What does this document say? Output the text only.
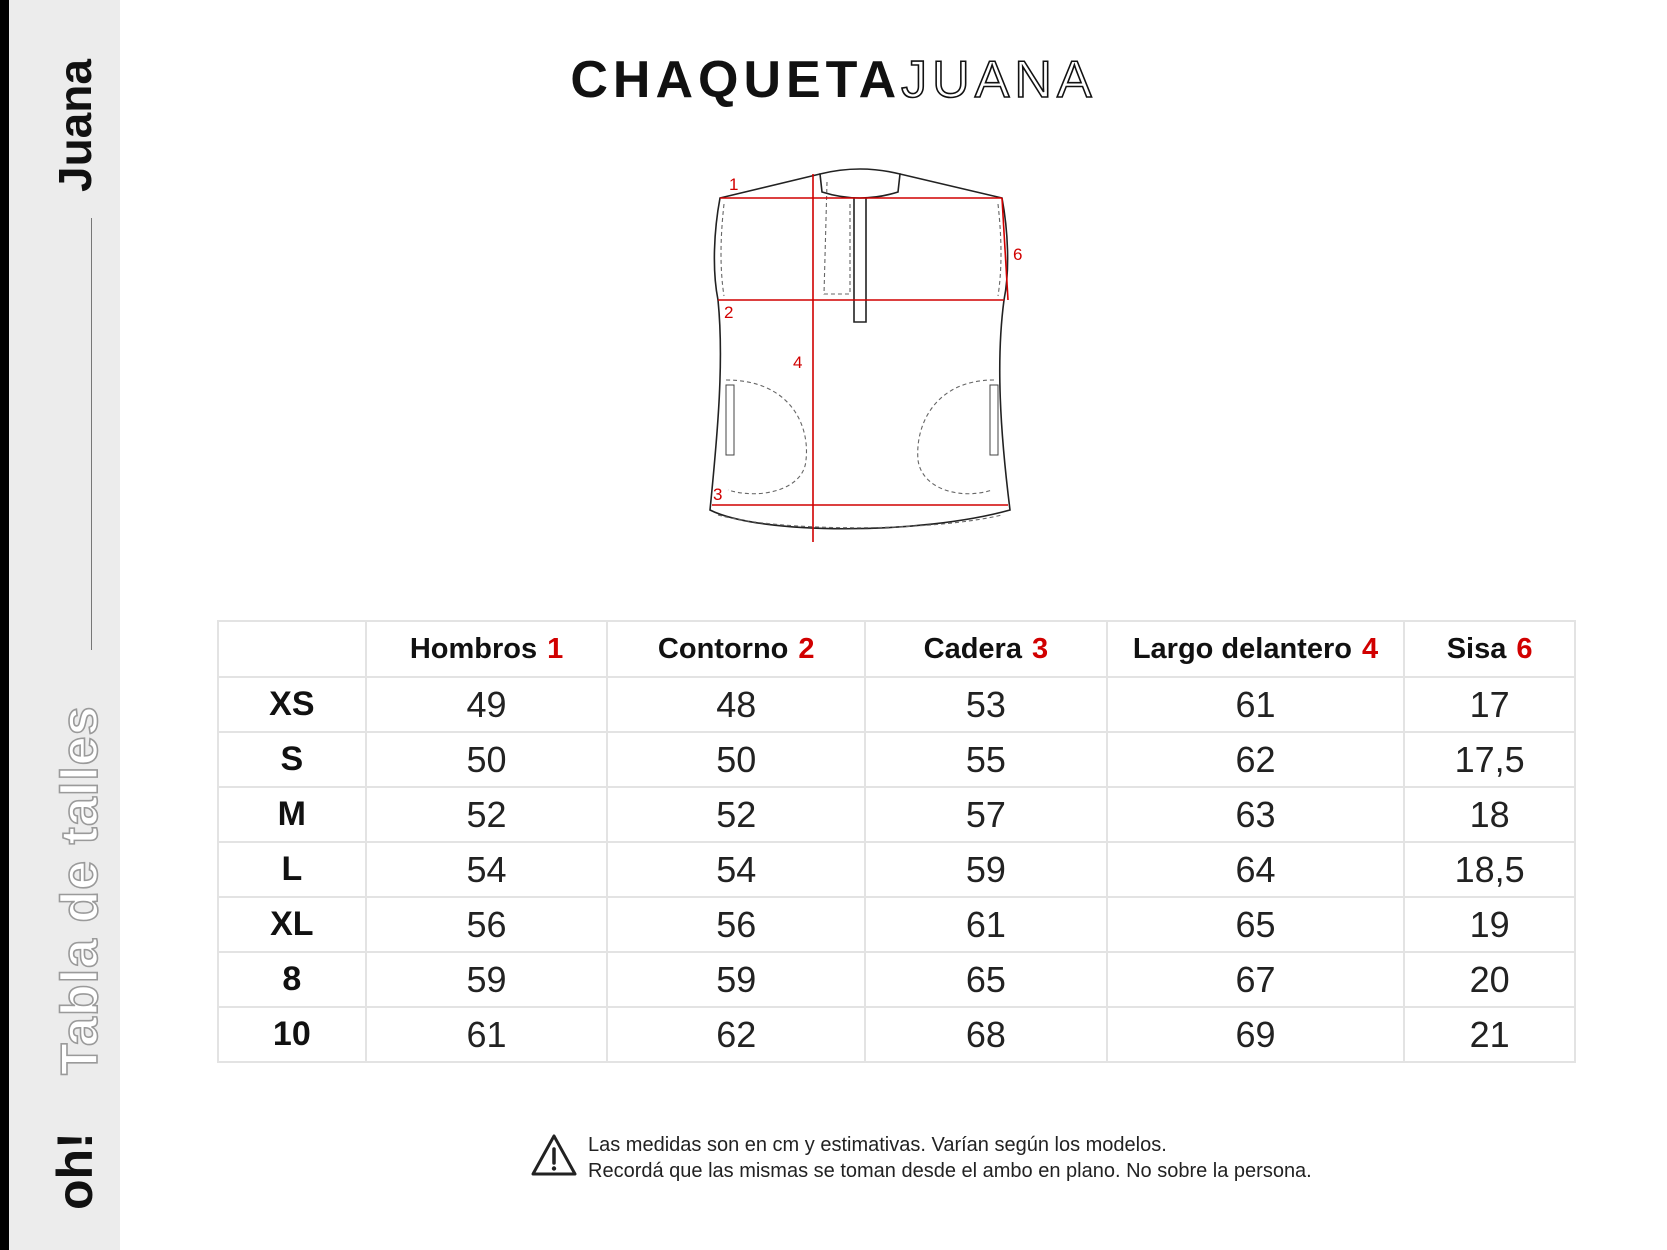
Juana
Tabla de talles
oh!
CHAQUETAJUANA
1
2
3
4
6
	Hombros 1	Contorno 2	Cadera 3	Largo delantero 4	Sisa 6
XS	49	48	53	61	17
S	50	50	55	62	17,5
M	52	52	57	63	18
L	54	54	59	64	18,5
XL	56	56	61	65	19
8	59	59	65	67	20
10	61	62	68	69	21
Las medidas son en cm y estimativas. Varían según los modelos.
Recordá que las mismas se toman desde el ambo en plano. No sobre la persona.
